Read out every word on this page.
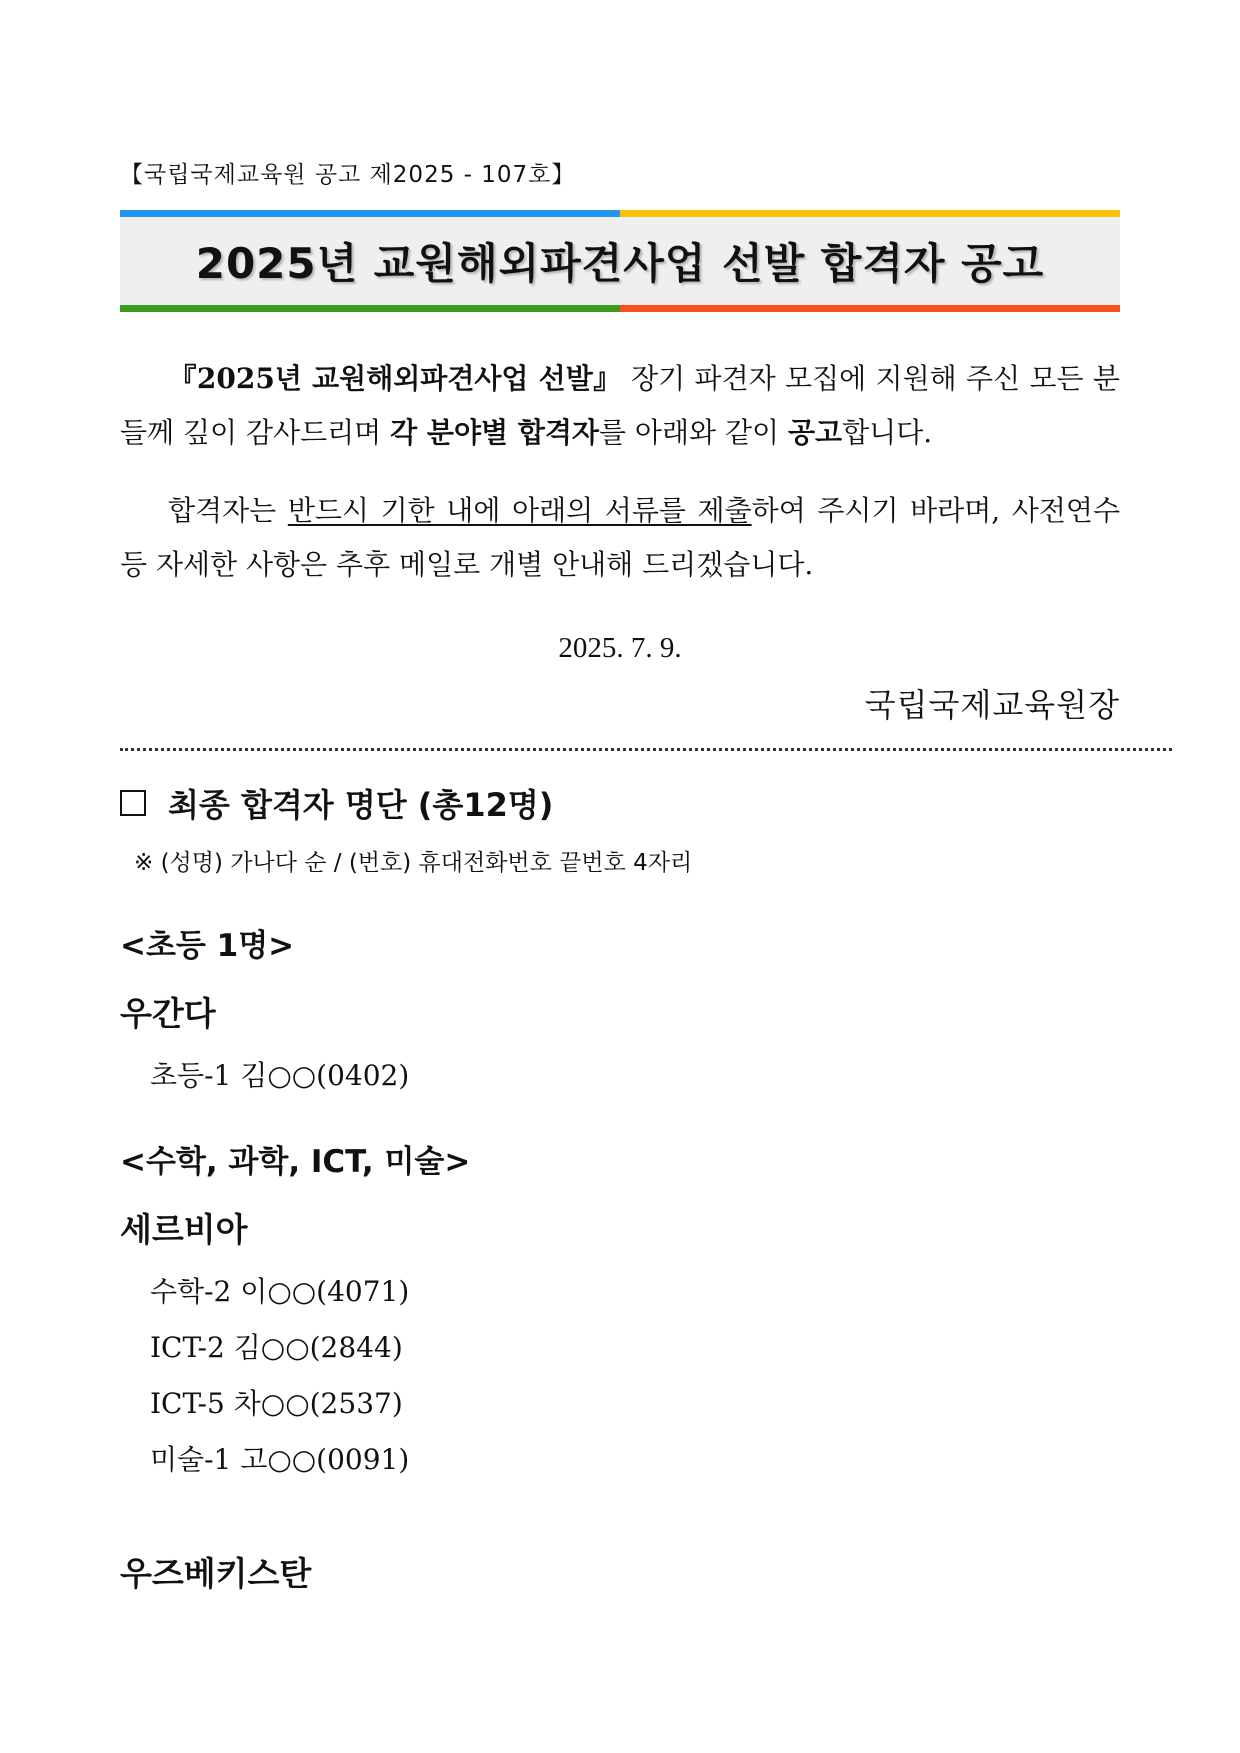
【국립국제교육원 공고 제2025 - 107호】
2025년 교원해외파견사업 선발 합격자 공고
『2025년 교원해외파견사업 선발』 장기 파견자 모집에 지원해 주신 모든 분들께 깊이 감사드리며 각 분야별 합격자를 아래와 같이 공고합니다.
합격자는 반드시 기한 내에 아래의 서류를 제출하여 주시기 바라며, 사전연수 등 자세한 사항은 추후 메일로 개별 안내해 드리겠습니다.
2025. 7. 9.
국립국제교육원장
최종 합격자 명단 (총12명)
※ (성명) 가나다 순 / (번호) 휴대전화번호 끝번호 4자리
<초등 1명>
우간다
초등-1 김○○(0402)
<수학, 과학, ICT, 미술>
세르비아
수학-2 이○○(4071)
ICT-2 김○○(2844)
ICT-5 차○○(2537)
미술-1 고○○(0091)
우즈베키스탄
